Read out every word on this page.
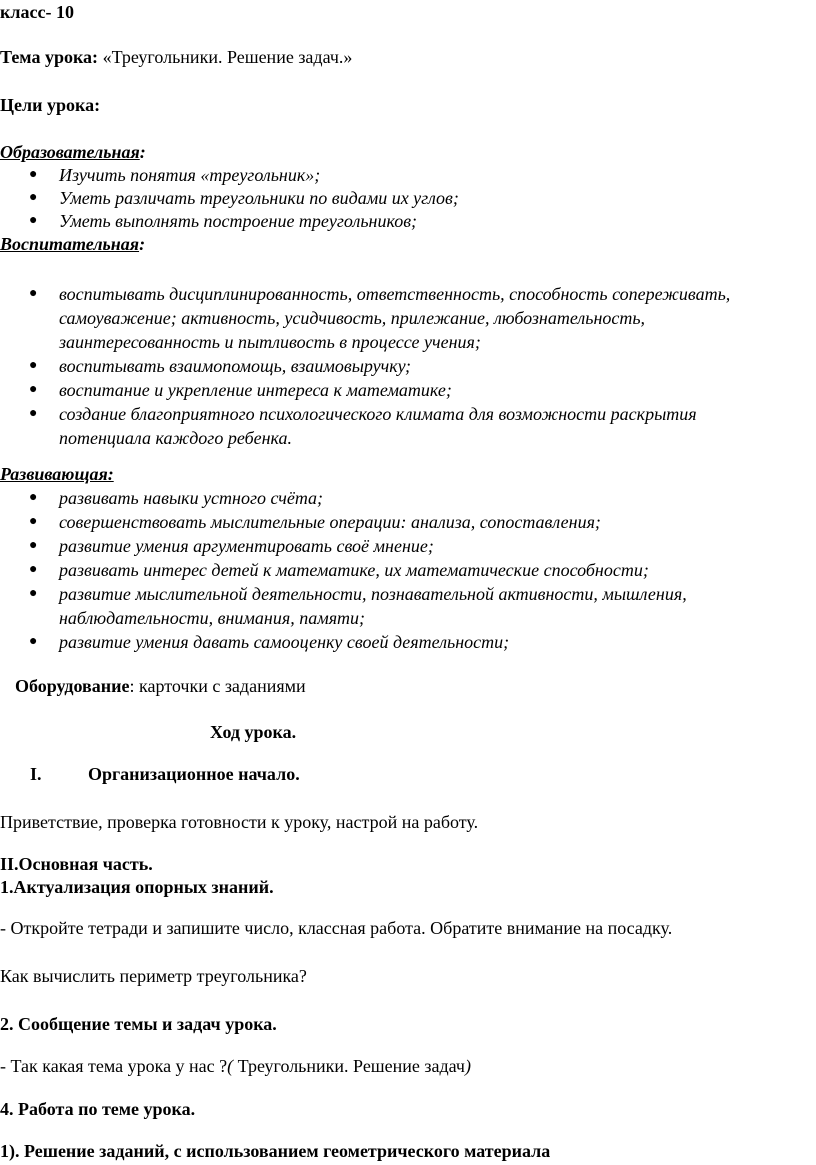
класс- 10
Тема урока: «Треугольники. Решение задач.»
Цели урока:
Образовательная:
● Изучить понятия «треугольник»;
● Уметь различать треугольники по видами их углов;
● Уметь выполнять построение треугольников;
Воспитательная:
● воспитывать дисциплинированность, ответственность, способность сопереживать,
самоуважение; активность, усидчивость, прилежание, любознательность,
заинтересованность и пытливость в процессе учения;
● воспитывать взаимопомощь, взаимовыручку;
● воспитание и укрепление интереса к математике;
● создание благоприятного психологического климата для возможности раскрытия
потенциала каждого ребенка.
Развивающая:
● развивать навыки устного счёта;
● совершенствовать мыслительные операции: анализа, сопоставления;
● развитие умения аргументировать своё мнение;
● развивать интерес детей к математике, их математические способности;
● развитие мыслительной деятельности, познавательной активности, мышления,
наблюдательности, внимания, памяти;
● развитие умения давать самооценку своей деятельности;
Оборудование: карточки с заданиями
Ход урока.
I.	Организационное начало.
Приветствие, проверка готовности к уроку, настрой на работу.
II.Основная часть.
1.Актуализация опорных знаний.
- Откройте тетради и запишите число, классная работа. Обратите внимание на посадку.
Как вычислить периметр треугольника?
2. Сообщение темы и задач урока.
- Так какая тема урока у нас ?( Треугольники. Решение задач)
4. Работа по теме урока.
1). Решение заданий, с использованием геометрического материала
